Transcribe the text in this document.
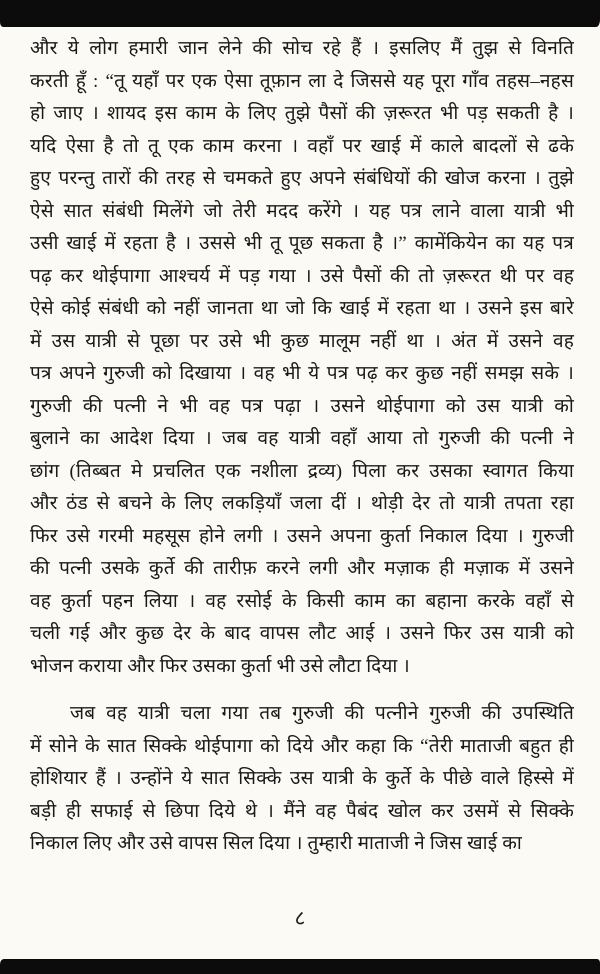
और ये लोग हमारी जान लेने की सोच रहे हैं । इसलिए मैं तुझ से विनति
करती हूँ : “तू यहाँ पर एक ऐसा तूफ़ान ला दे जिससे यह पूरा गाँव तहस–नहस
हो जाए । शायद इस काम के लिए तुझे पैसों की ज़रूरत भी पड़ सकती है ।
यदि ऐसा है तो तू एक काम करना । वहाँ पर खाई में काले बादलों से ढके
हुए परन्तु तारों की तरह से चमकते हुए अपने संबंधियों की खोज करना । तुझे
ऐसे सात संबंधी मिलेंगे जो तेरी मदद करेंगे । यह पत्र लाने वाला यात्री भी
उसी खाई में रहता है । उससे भी तू पूछ सकता है ।” कामेंकियेन का यह पत्र
पढ़ कर थोईपागा आश्चर्य में पड़ गया । उसे पैसों की तो ज़रूरत थी पर वह
ऐसे कोई संबंधी को नहीं जानता था जो कि खाई में रहता था । उसने इस बारे
में उस यात्री से पूछा पर उसे भी कुछ मालूम नहीं था । अंत में उसने वह
पत्र अपने गुरुजी को दिखाया । वह भी ये पत्र पढ़ कर कुछ नहीं समझ सके ।
गुरुजी की पत्नी ने भी वह पत्र पढ़ा । उसने थोईपागा को उस यात्री को
बुलाने का आदेश दिया । जब वह यात्री वहाँ आया तो गुरुजी की पत्नी ने
छांग (तिब्बत मे प्रचलित एक नशीला द्रव्य) पिला कर उसका स्वागत किया
और ठंड से बचने के लिए लकड़ियाँ जला दीं । थोड़ी देर तो यात्री तपता रहा
फिर उसे गरमी महसूस होने लगी । उसने अपना कुर्ता निकाल दिया । गुरुजी
की पत्नी उसके कुर्ते की तारीफ़ करने लगी और मज़ाक ही मज़ाक में उसने
वह कुर्ता पहन लिया । वह रसोई के किसी काम का बहाना करके वहाँ से
चली गई और कुछ देर के बाद वापस लौट आई । उसने फिर उस यात्री को
भोजन कराया और फिर उसका कुर्ता भी उसे लौटा दिया ।
जब वह यात्री चला गया तब गुरुजी की पत्नीने गुरुजी की उपस्थिति
में सोने के सात सिक्के थोईपागा को दिये और कहा कि “तेरी माताजी बहुत ही
होशियार हैं । उन्होंने ये सात सिक्के उस यात्री के कुर्ते के पीछे वाले हिस्से में
बड़ी ही सफाई से छिपा दिये थे । मैंने वह पैबंद खोल कर उसमें से सिक्के
निकाल लिए और उसे वापस सिल दिया । तुम्हारी माताजी ने जिस खाई का
८
